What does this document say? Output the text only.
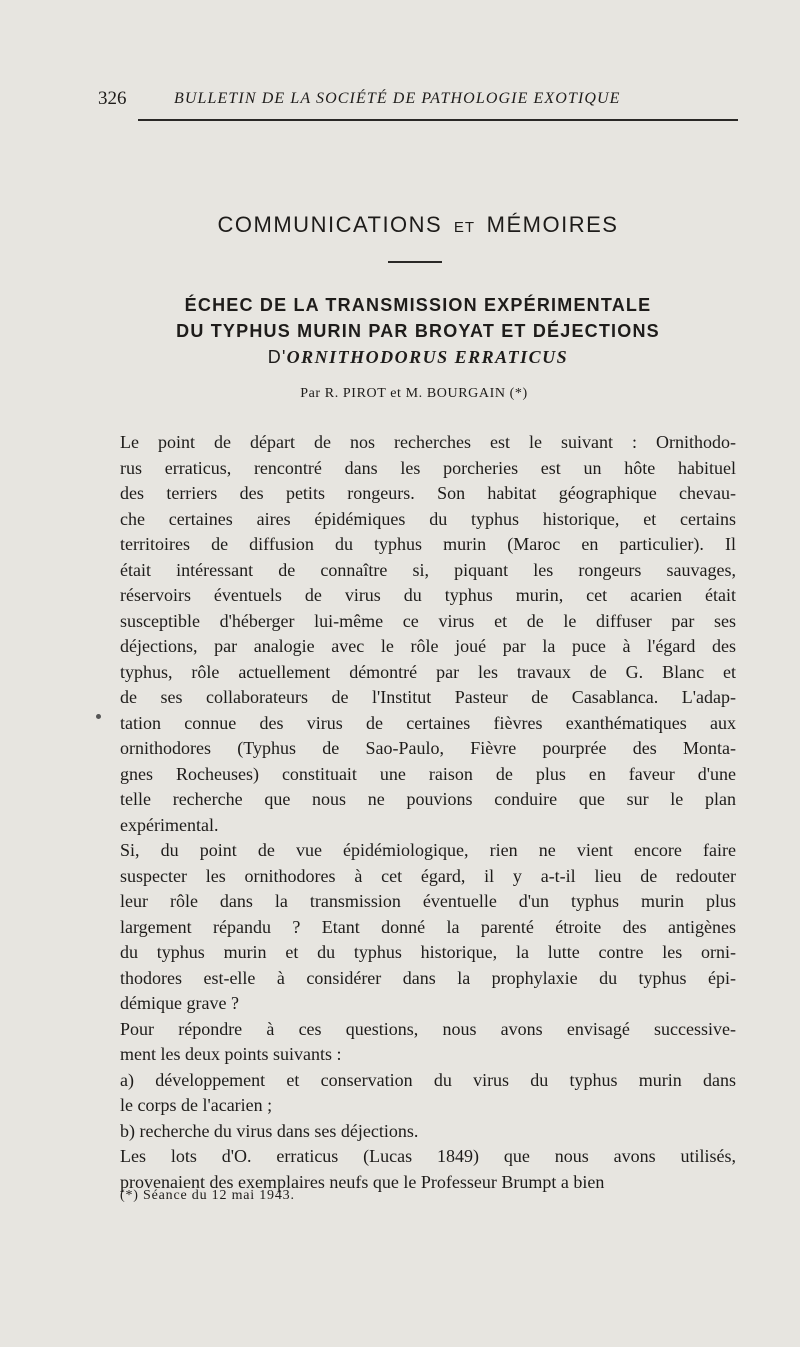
326	BULLETIN DE LA SOCIÉTÉ DE PATHOLOGIE EXOTIQUE
COMMUNICATIONS ET MÉMOIRES
ÉCHEC DE LA TRANSMISSION EXPÉRIMENTALE
DU TYPHUS MURIN PAR BROYAT ET DÉJECTIONS
D'ORNITHODORUS ERRATICUS
Par R. PIROT et M. BOURGAIN (*)
Le point de départ de nos recherches est le suivant : Ornithodo-
rus erraticus, rencontré dans les porcheries est un hôte habituel
des terriers des petits rongeurs. Son habitat géographique chevau-
che certaines aires épidémiques du typhus historique, et certains
territoires de diffusion du typhus murin (Maroc en particulier). Il
était intéressant de connaître si, piquant les rongeurs sauvages,
réservoirs éventuels de virus du typhus murin, cet acarien était
susceptible d'héberger lui-même ce virus et de le diffuser par ses
déjections, par analogie avec le rôle joué par la puce à l'égard des
typhus, rôle actuellement démontré par les travaux de G. Blanc et
de ses collaborateurs de l'Institut Pasteur de Casablanca. L'adap-
tation connue des virus de certaines fièvres exanthématiques aux
ornithodores (Typhus de Sao-Paulo, Fièvre pourprée des Monta-
gnes Rocheuses) constituait une raison de plus en faveur d'une
telle recherche que nous ne pouvions conduire que sur le plan
expérimental.
Si, du point de vue épidémiologique, rien ne vient encore faire
suspecter les ornithodores à cet égard, il y a-t-il lieu de redouter
leur rôle dans la transmission éventuelle d'un typhus murin plus
largement répandu ? Etant donné la parenté étroite des antigènes
du typhus murin et du typhus historique, la lutte contre les orni-
thodores est-elle à considérer dans la prophylaxie du typhus épi-
démique grave ?
Pour répondre à ces questions, nous avons envisagé successive-
ment les deux points suivants :
a) développement et conservation du virus du typhus murin dans
le corps de l'acarien ;
b) recherche du virus dans ses déjections.
Les lots d'O. erraticus (Lucas 1849) que nous avons utilisés,
provenaient des exemplaires neufs que le Professeur Brumpt a bien
(*) Séance du 12 mai 1943.
